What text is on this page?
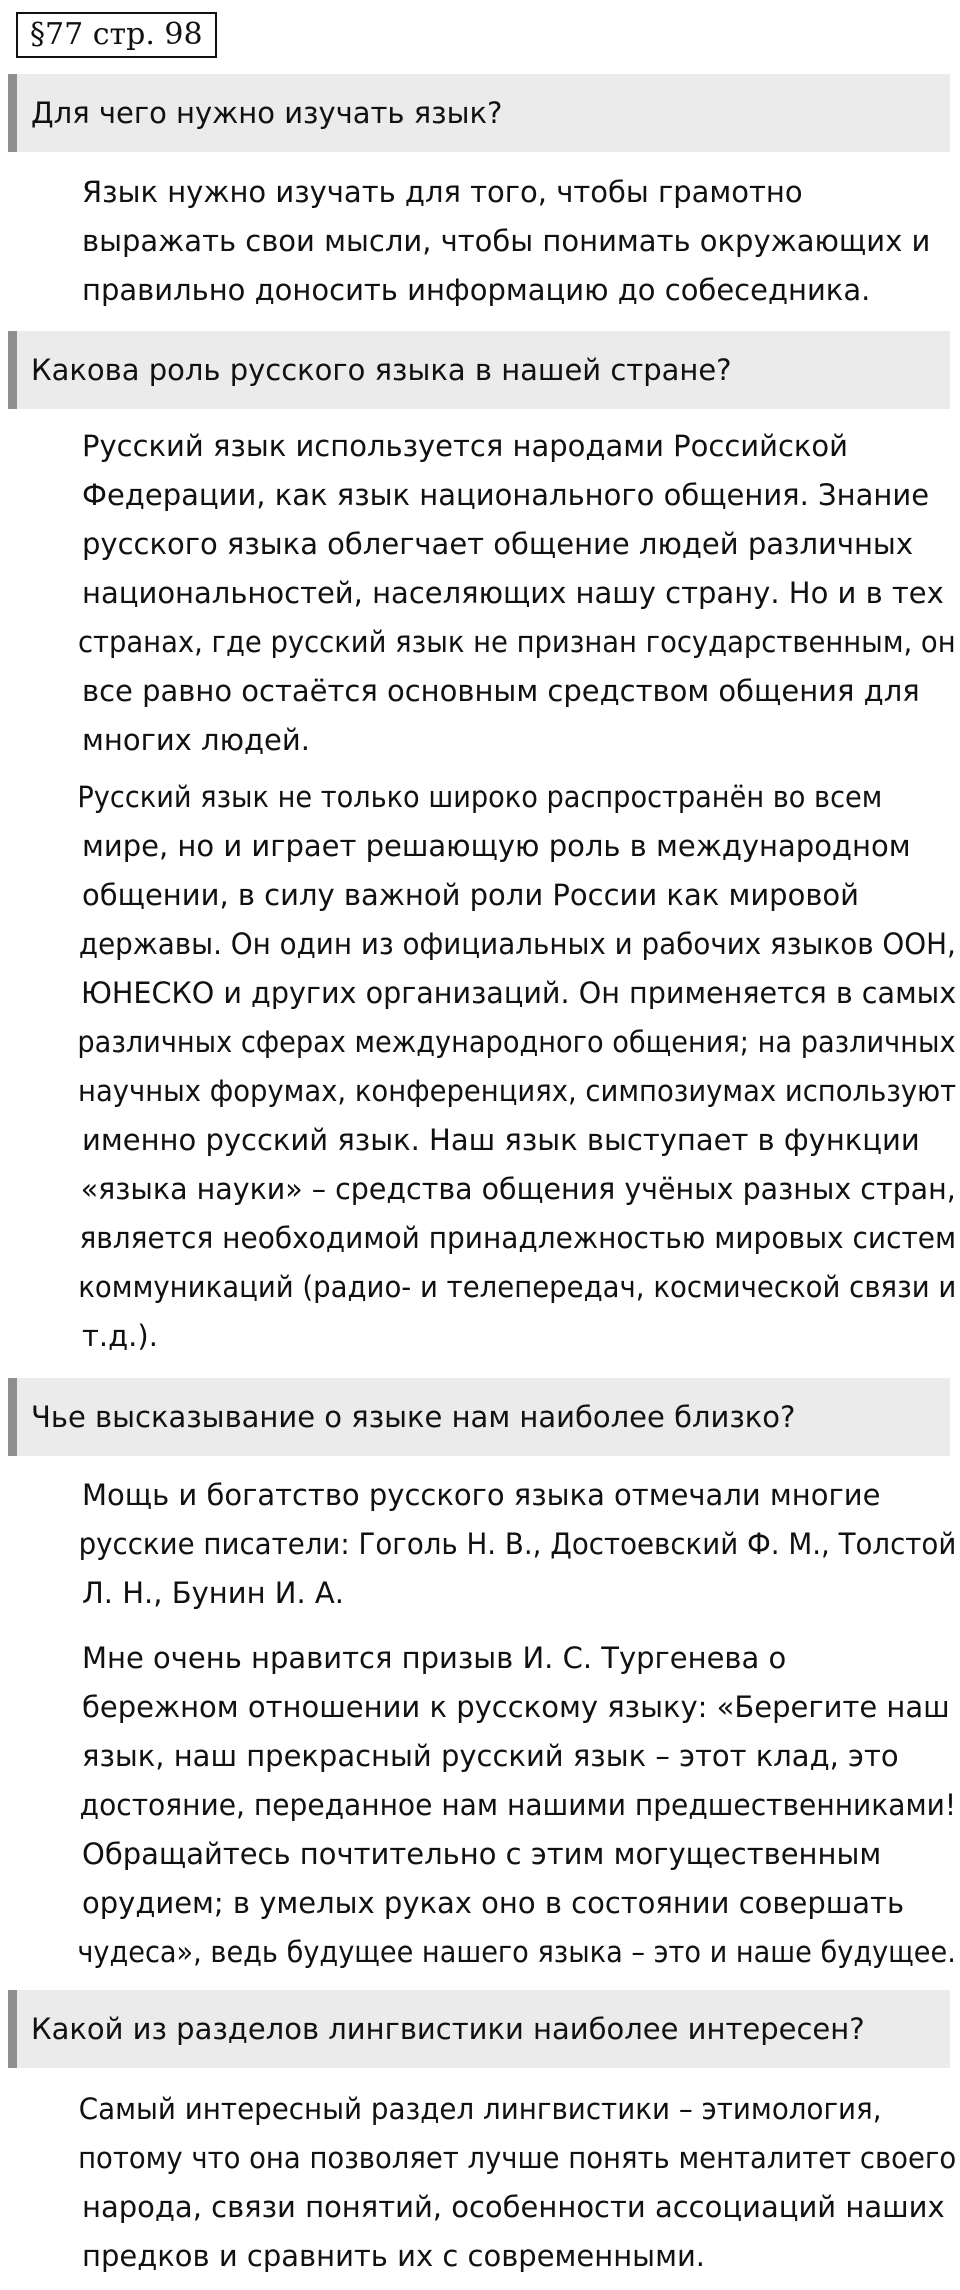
§77 стр. 98
Для чего нужно изучать язык?

Язык нужно изучать для того, чтобы грамотно
выражать свои мысли, чтобы понимать окружающих и
правильно доносить информацию до собеседника.

Какова роль русского языка в нашей стране?

Русский язык используется народами Российской
Федерации, как язык национального общения. Знание
русского языка облегчает общение людей различных
национальностей, населяющих нашу страну. Но и в тех
странах, где русский язык не признан государственным, он
все равно остаётся основным средством общения для
многих людей.

Русский язык не только широко распространён во всем
мире, но и играет решающую роль в международном
общении, в силу важной роли России как мировой
державы. Он один из официальных и рабочих языков ООН,
ЮНЕСКО и других организаций. Он применяется в самых
различных сферах международного общения; на различных
научных форумах, конференциях, симпозиумах используют
именно русский язык. Наш язык выступает в функции
«языка науки» – средства общения учёных разных стран,
является необходимой принадлежностью мировых систем
коммуникаций (радио- и телепередач, космической связи и
т.д.).

Чье высказывание о языке нам наиболее близко?

Мощь и богатство русского языка отмечали многие
русские писатели: Гоголь Н. В., Достоевский Ф. М., Толстой
Л. Н., Бунин И. А.

Мне очень нравится призыв И. С. Тургенева о
бережном отношении к русскому языку: «Берегите наш
язык, наш прекрасный русский язык – этот клад, это
достояние, переданное нам нашими предшественниками!
Обращайтесь почтительно с этим могущественным
орудием; в умелых руках оно в состоянии совершать
чудеса», ведь будущее нашего языка – это и наше будущее.

Какой из разделов лингвистики наиболее интересен?

Самый интересный раздел лингвистики – этимология,
потому что она позволяет лучше понять менталитет своего
народа, связи понятий, особенности ассоциаций наших
предков и сравнить их с современными.
